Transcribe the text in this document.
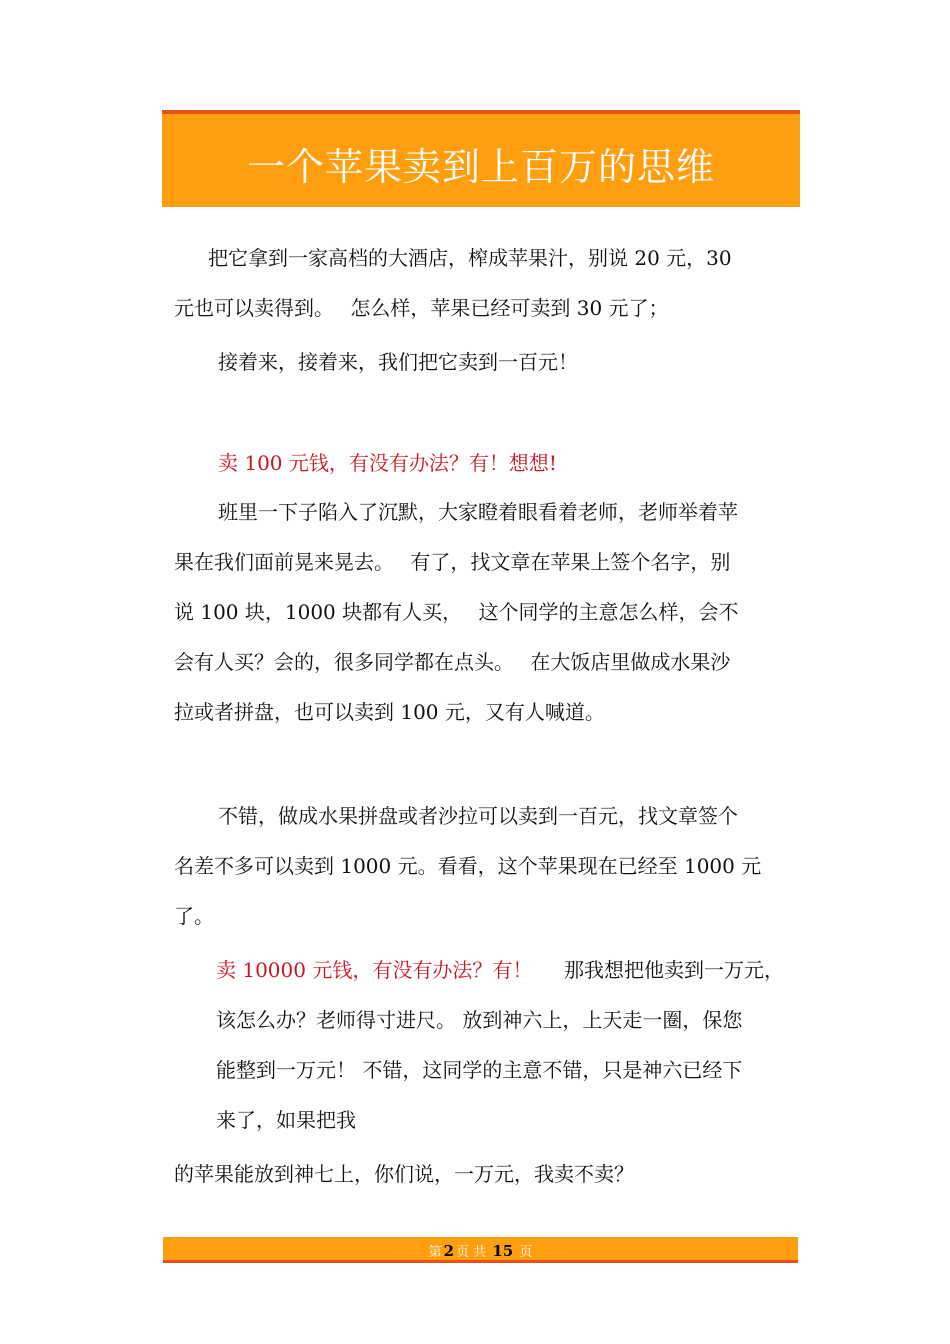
一个苹果卖到上百万的思维
把它拿到一家高档的大酒店，榨成苹果汁，别说 20 元，30
元也可以卖得到。　 怎么样，苹果已经可卖到 30 元了；
接着来，接着来，我们把它卖到一百元！
卖 100 元钱，有没有办法？有！想想!
班里一下子陷入了沉默，大家瞪着眼看着老师，老师举着苹
果在我们面前晃来晃去。　 有了，找文章在苹果上签个名字，别
说 100 块，1000 块都有人买，　 这个同学的主意怎么样，会不
会有人买？会的，很多同学都在点头。　 在大饭店里做成水果沙
拉或者拼盘，也可以卖到 100 元，又有人喊道。
不错，做成水果拼盘或者沙拉可以卖到一百元，找文章签个
名差不多可以卖到 1000 元。看看，这个苹果现在已经至 1000 元
了。
卖 10000 元钱，有没有办法？有！ 那我想把他卖到一万元，
该怎么办？老师得寸进尺。 放到神六上，上天走一圈，保您
能整到一万元！ 不错，这同学的主意不错，只是神六已经下
来了，如果把我
的苹果能放到神七上，你们说，一万元，我卖不卖？
第 2 页 共 15 页
